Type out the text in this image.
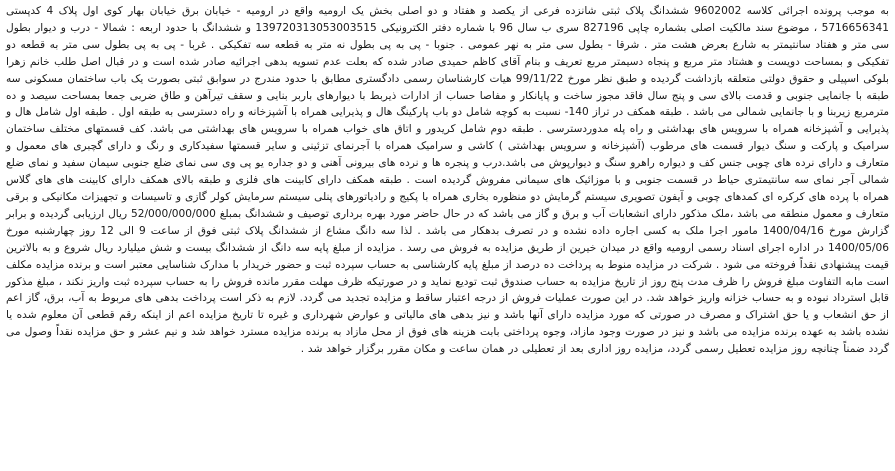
به موجب پرونده اجرائی کلاسه 9602002 ششدانگ پلاک ثبتی شانزده فرعی از یکصد و هفتاد و دو اصلی بخش یک ارومیه واقع در ارومیه - خیابان برق خیابان بهار کوی اول پلاک 4 کدپستی 5716656341 ، موضوع سند مالکیت اصلی بشماره چاپی 827196 سری ب سال 96 با شماره دفتر الکترونیکی 139720313053003515 و ششدانگ با حدود اربعه : شمالا - درب و دیوار بطول سی متر و هفتاد سانتیمتر به شارع بعرض هشت متر . شرقا - بطول سی متر به نهر عمومی . جنوبا - پی به پی بطول نه متر به قطعه سه تفکیکی . غربا - پی به پی بطول سی متر به قطعه دو تفکیکی و بمساحت دویست و هشتاد متر مربع و پنجاه دسیمتر مربع تعریف و بنام آقای کاظم حمیدی صادر شده که بعلت عدم تسویه بدهی اجرائیه صادر شده است و در قبال اصل طلب خانم زهرا بلوکی اسپیلی و حقوق دولتی متعلقه بازداشت گردیده و طبق نظر مورخ 99/11/22 هیات کارشناسان رسمی دادگستری مطابق با حدود مندرج در سوابق ثبتی بصورت یک باب ساختمان مسکونی سه طبقه با جانمایی جنوبی و قدمت بالای سی و پنج سال فاقد مجوز ساخت و پایانکار و مفاصا حساب از ادارات ذیربط با دیوارهای باربر بنایی و سقف تیرآهن و طاق ضربی جمعا بمساحت سیصد و ده مترمربع زیربنا و با جانمایی شمالی می باشد . طبقه همکف در تراز 140- نسبت به کوچه شامل دو باب پارکینگ هال و پذیرایی همراه با آشپزخانه و راه دسترسی به طبقه اول . طبقه اول شامل هال و پذیرایی و آشپزخانه همراه با سرویس های بهداشتی و راه پله مدوردسترسی . طبقه دوم شامل کریدور و اتاق های خواب همراه با سرویس های بهداشتی می باشد. کف قسمتهای مختلف ساختمان سرامیک و پارکت و سنگ دیوار قسمت های مرطوب (آشپزخانه و سرویس بهداشتی ) کاشی و سرامیک همراه با آجرنمای تزئینی و سایر قسمتها سفیدکاری و رنگ و دارای گچبری های معمول و متعارف و دارای نرده های چوبی جنس کف و دیواره راهرو سنگ و دیوارپوش می باشد.درب و پنجره ها و نرده های بیرونی آهنی و دو جداره یو پی وی سی نمای ضلع جنوبی سیمان سفید و نمای ضلع شمالی آجر نمای سه سانتیمتری حیاط در قسمت جنوبی و با موزائیک های سیمانی مفروش گردیده است . طبقه همکف دارای کابینت های فلزی و طبقه بالای همکف دارای کابینت های های گلاس همراه با پرده های کرکره ای کمدهای چوبی و آیفون تصویری سیستم گرمایش دو منظوره بخاری همراه با پکیج و رادیاتورهای پنلی سیستم سرمایش کولر گازی و تاسیسات و تجهیزات مکانیکی و برقی متعارف و معمول منطقه می باشد ،ملک مذکور دارای انشعابات آب و برق و گاز می باشد که در حال حاضر مورد بهره برداری توصیف و ششدانگ بمبلغ 52/000/000/000 ریال ارزیابی گردیده و برابر گزارش مورخ 1400/04/16 مامور اجرا ملک به کسی اجاره داده نشده و در تصرف بدهکار می باشد . لذا سه دانگ مشاع از ششدانگ پلاک ثبتی فوق از ساعت 9 الی 12 روز چهارشنبه مورخ 1400/05/06 در اداره اجرای اسناد رسمی ارومیه واقع در میدان خیرین از طریق مزایده به فروش می رسد . مزایده از مبلغ پایه سه دانگ از ششدانگ بیست و شش میلیارد ریال شروع و به بالاترین قیمت پیشنهادی نقداً فروخته می شود . شرکت در مزایده منوط به پرداخت ده درصد از مبلغ پایه کارشناسی به حساب سپرده ثبت و حضور خریدار با مدارک شناسایی معتبر است و برنده مزایده مکلف است مابه التفاوت مبلغ فروش را ظرف مدت پنج روز از تاریخ مزایده به حساب صندوق ثبت تودیع نماید و در صورتیکه ظرف مهلت مقرر مانده فروش را به حساب سپرده ثبت واریز نکند ، مبلغ مذکور قابل استرداد نبوده و به حساب خزانه واریز خواهد شد. در این صورت عملیات فروش از درجه اعتبار ساقط و مزایده تجدید می گردد. لازم به ذکر است پرداخت بدهی های مربوط به آب، برق، گاز اعم از حق انشعاب و یا حق اشتراک و مصرف در صورتی که مورد مزایده دارای آنها باشد و نیز بدهی های مالیاتی و عوارض شهرداری و غیره تا تاریخ مزایده اعم از اینکه رقم قطعی آن معلوم شده یا نشده باشد به عهده برنده مزایده می باشد و نیز در صورت وجود مازاد، وجوه پرداختی بابت هزینه های فوق از محل مازاد به برنده مزایده مسترد خواهد شد و نیم عشر و حق مزایده نقداً وصول می گردد ضمناً چنانچه روز مزایده تعطیل رسمی گردد، مزایده روز اداری بعد از تعطیلی در همان ساعت و مکان مقرر برگزار خواهد شد .
